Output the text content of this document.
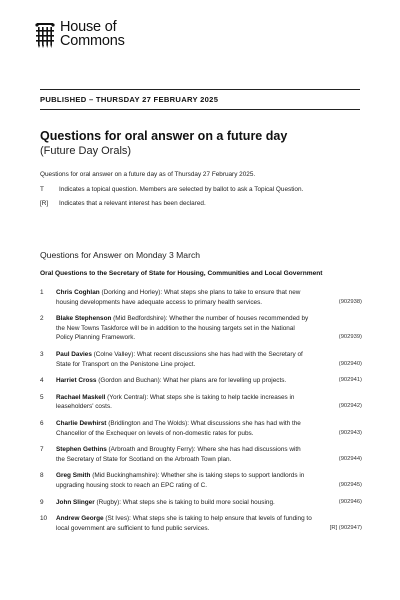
House of
Commons
PUBLISHED – THURSDAY 27 FEBRUARY 2025
Questions for oral answer on a future day
(Future Day Orals)
Questions for oral answer on a future day as of Thursday 27 February 2025.
T	Indicates a topical question. Members are selected by ballot to ask a Topical Question.
[R]	Indicates that a relevant interest has been declared.
Questions for Answer on Monday 3 March
Oral Questions to the Secretary of State for Housing, Communities and Local Government
1	Chris Coghlan (Dorking and Horley): What steps she plans to take to ensure that new
housing developments have adequate access to primary health services.	(902938)
2	Blake Stephenson (Mid Bedfordshire): Whether the number of houses recommended by
the New Towns Taskforce will be in addition to the housing targets set in the National
Policy Planning Framework.	(902939)
3	Paul Davies (Colne Valley): What recent discussions she has had with the Secretary of
State for Transport on the Penistone Line project.	(902940)
4	Harriet Cross (Gordon and Buchan): What her plans are for levelling up projects.	(902941)
5	Rachael Maskell (York Central): What steps she is taking to help tackle increases in
leaseholders' costs.	(902942)
6	Charlie Dewhirst (Bridlington and The Wolds): What discussions she has had with the
Chancellor of the Exchequer on levels of non-domestic rates for pubs.	(902943)
7	Stephen Gethins (Arbroath and Broughty Ferry): Where she has had discussions with
the Secretary of State for Scotland on the Arbroath Town plan.	(902944)
8	Greg Smith (Mid Buckinghamshire): Whether she is taking steps to support landlords in
upgrading housing stock to reach an EPC rating of C.	(902945)
9	John Slinger (Rugby): What steps she is taking to build more social housing.	(902946)
10	Andrew George (St Ives): What steps she is taking to help ensure that levels of funding to
local government are sufficient to fund public services.	[R] (902947)
